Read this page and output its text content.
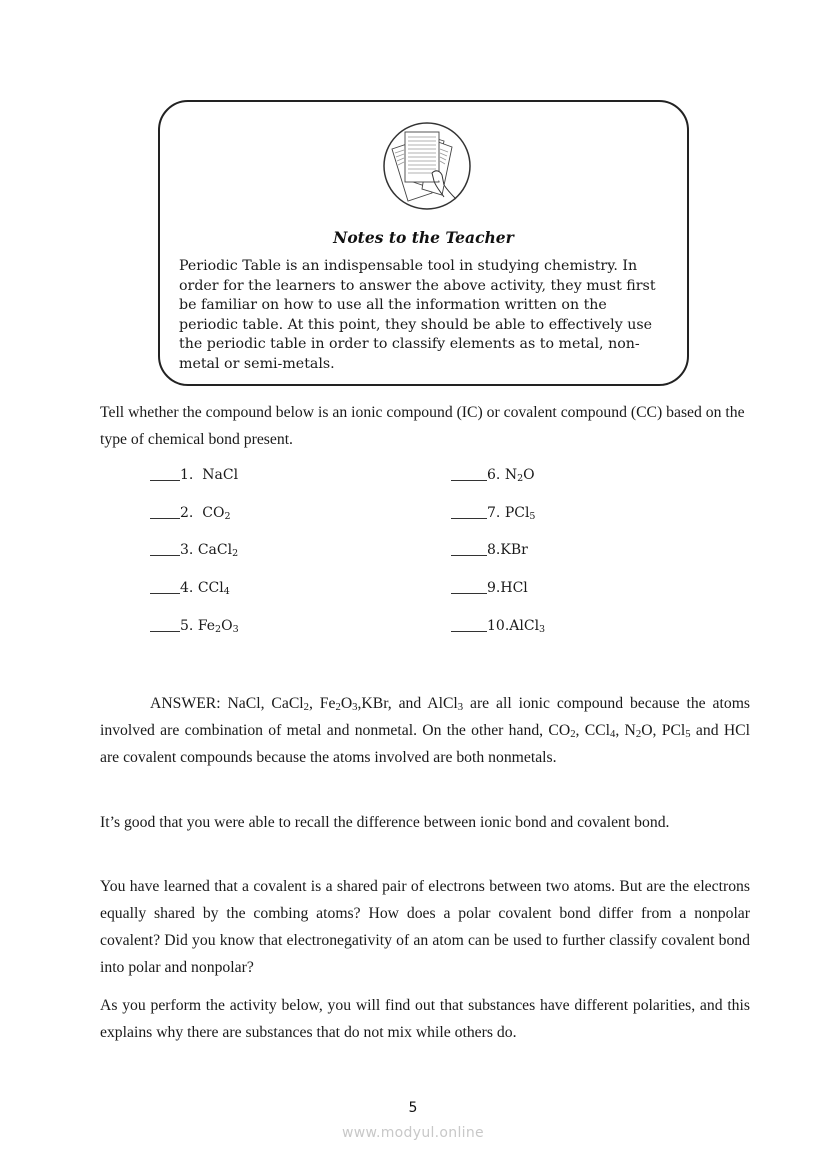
Notes to the Teacher
Periodic Table is an indispensable tool in studying chemistry. In
order for the learners to answer the above activity, they must first
be familiar on how to use all the information written on the
periodic table. At this point, they should be able to effectively use
the periodic table in order to classify elements as to metal, non-
metal or semi-metals.
Tell whether the compound below is an ionic compound (IC) or covalent compound (CC) based on the type of chemical bond present.
1.  NaCl
2.  $CO_2$
3. CaCl$_2$
4. CCl$_4$
5. $Fe_2O_3$
6. $N_2O$
7. PCl$_5$
8.KBr
9.HCl
10.AlCl$_3$
ANSWER: NaCl, CaCl$_2$, $Fe_2O_3,KBr$, and AlCl$_3$ are all ionic compound because the atoms involved are combination of metal and nonmetal. On the other hand, $CO_2$, CCl$_4$, $N_2O$, PCl$_5$ and HCl are covalent compounds because the atoms involved are both nonmetals.
It’s good that you were able to recall the difference between ionic bond and covalent bond.
You have learned that a covalent is a shared pair of electrons between two atoms. But are the electrons equally shared by the combing atoms? How does a polar covalent bond differ from a nonpolar covalent? Did you know that electronegativity of an atom can be used to further classify covalent bond into polar and nonpolar?
As you perform the activity below, you will find out that substances have different polarities, and this explains why there are substances that do not mix while others do.
5
www.modyul.online
